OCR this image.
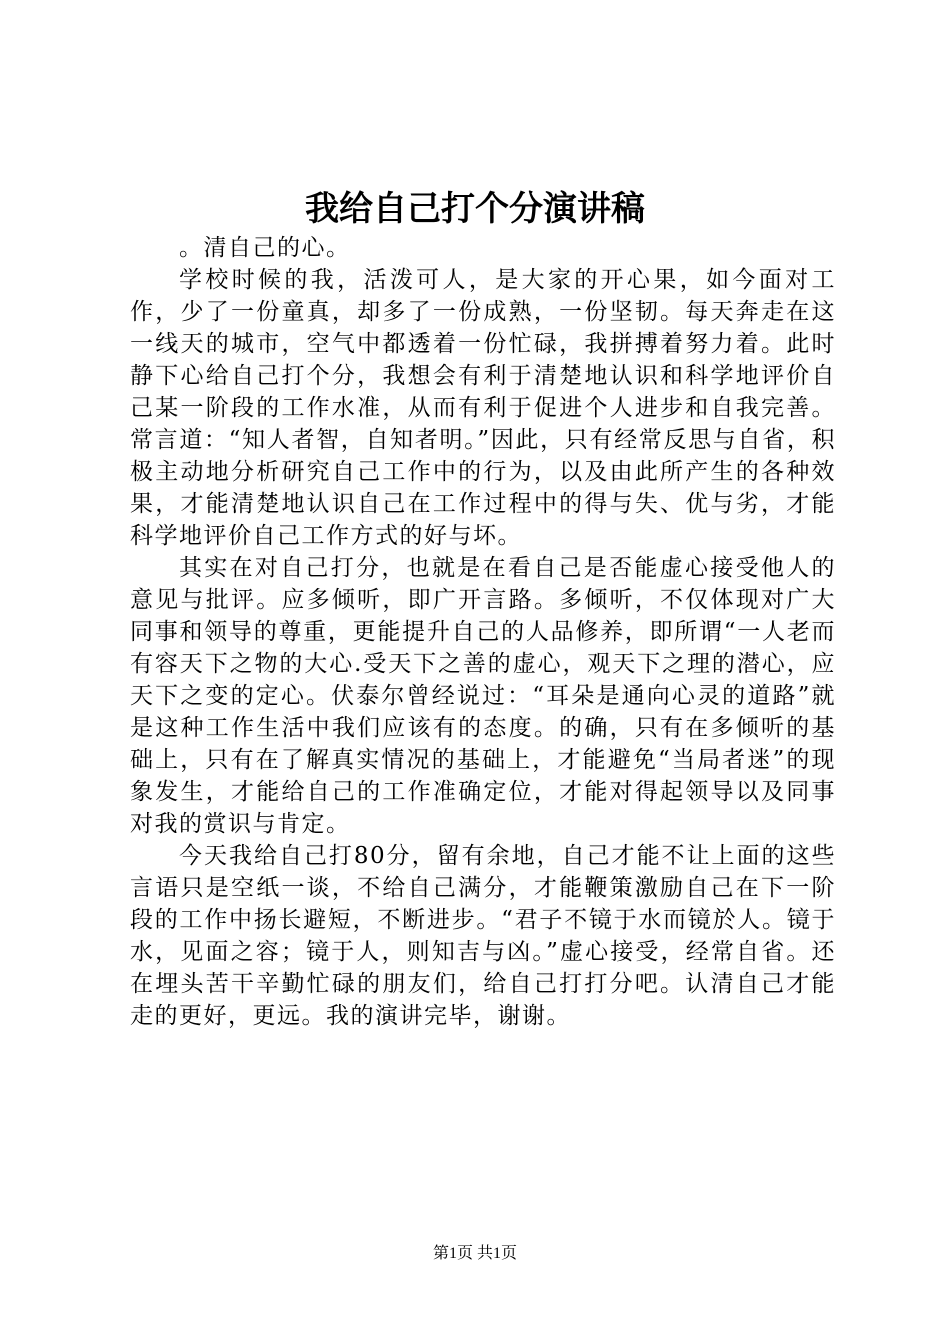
我给自己打个分演讲稿

。清自己的心。

学校时候的我，活泼可人，是大家的开心果，如今面对工作，少了一份童真，却多了一份成熟，一份坚韧。每天奔走在这一线天的城市，空气中都透着一份忙碌，我拼搏着努力着。此时静下心给自己打个分，我想会有利于清楚地认识和科学地评价自己某一阶段的工作水准，从而有利于促进个人进步和自我完善。常言道：“知人者智，自知者明。”因此，只有经常反思与自省，积极主动地分析研究自己工作中的行为，以及由此所产生的各种效果，才能清楚地认识自己在工作过程中的得与失、优与劣，才能科学地评价自己工作方式的好与坏。

其实在对自己打分，也就是在看自己是否能虚心接受他人的意见与批评。应多倾听，即广开言路。多倾听，不仅体现对广大同事和领导的尊重，更能提升自己的人品修养，即所谓“一人老而有容天下之物的大心.受天下之善的虚心，观天下之理的潜心，应天下之变的定心。伏泰尔曾经说过：“耳朵是通向心灵的道路”就是这种工作生活中我们应该有的态度。的确，只有在多倾听的基础上，只有在了解真实情况的基础上，才能避免“当局者迷”的现象发生，才能给自己的工作准确定位，才能对得起领导以及同事对我的赏识与肯定。

今天我给自己打80分，留有余地，自己才能不让上面的这些言语只是空纸一谈，不给自己满分，才能鞭策激励自己在下一阶段的工作中扬长避短，不断进步。“君子不镜于水而镜於人。镜于水，见面之容；镜于人，则知吉与凶。”虚心接受，经常自省。还在埋头苦干辛勤忙碌的朋友们，给自己打打分吧。认清自己才能走的更好，更远。我的演讲完毕，谢谢。

第1页 共1页
